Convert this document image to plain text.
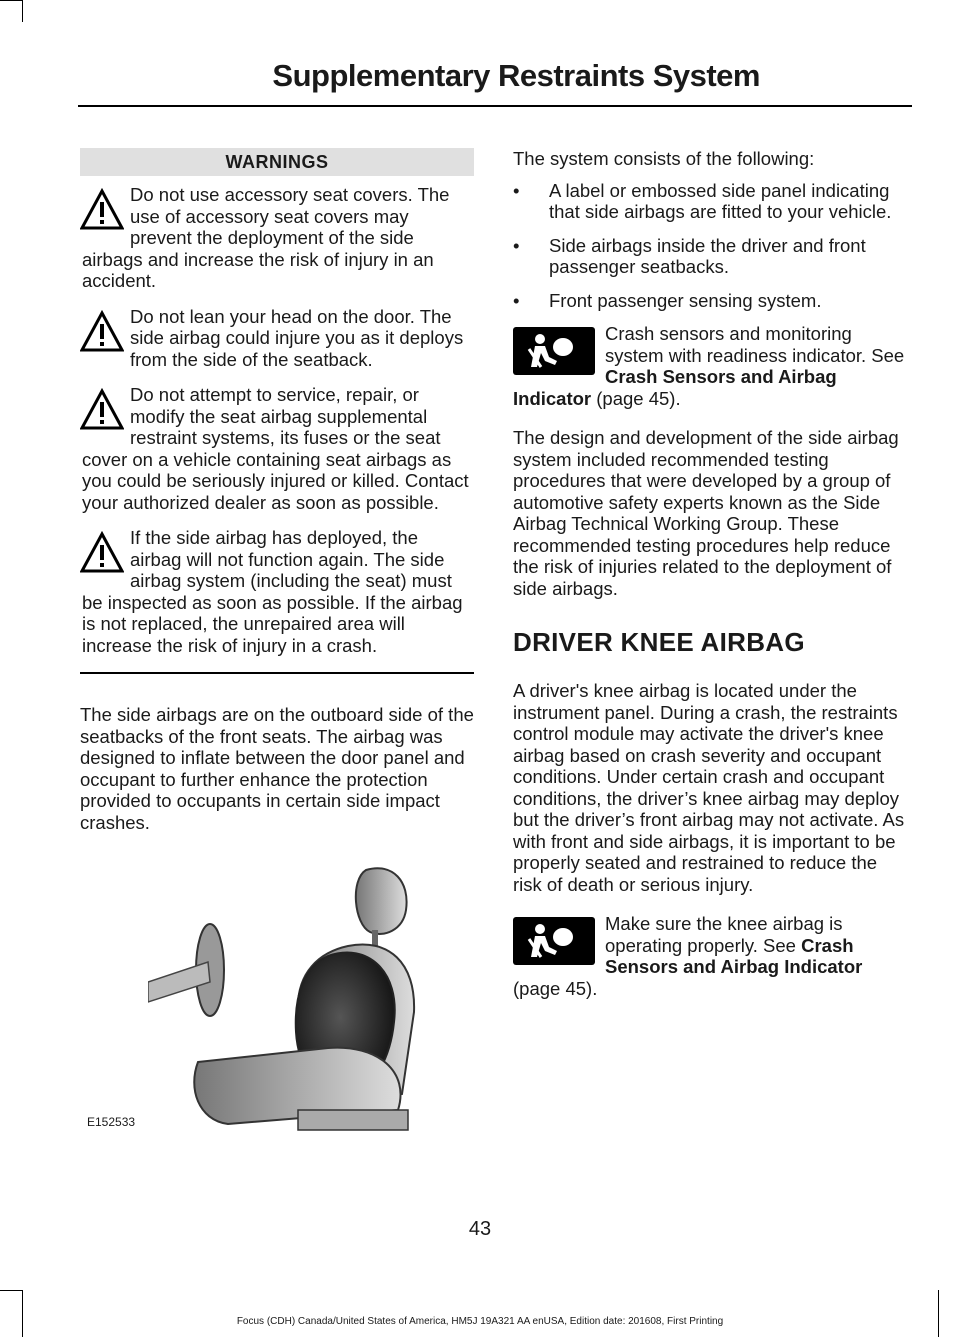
Supplementary Restraints System
WARNINGS

Do not use accessory seat covers. The use of accessory seat covers may prevent the deployment of the side airbags and increase the risk of injury in an accident.

Do not lean your head on the door. The side airbag could injure you as it deploys from the side of the seatback.

Do not attempt to service, repair, or modify the seat airbag supplemental restraint systems, its fuses or the seat cover on a vehicle containing seat airbags as you could be seriously injured or killed. Contact your authorized dealer as soon as possible.

If the side airbag has deployed, the airbag will not function again. The side airbag system (including the seat) must be inspected as soon as possible. If the airbag is not replaced, the unrepaired area will increase the risk of injury in a crash.

The side airbags are on the outboard side of the seatbacks of the front seats. The airbag was designed to inflate between the door panel and occupant to further enhance the protection provided to occupants in certain side impact crashes.

E152533

The system consists of the following:

• A label or embossed side panel indicating that side airbags are fitted to your vehicle.
• Side airbags inside the driver and front passenger seatbacks.
• Front passenger sensing system.
Crash sensors and monitoring system with readiness indicator. See Crash Sensors and Airbag Indicator (page 45).

The design and development of the side airbag system included recommended testing procedures that were developed by a group of automotive safety experts known as the Side Airbag Technical Working Group. These recommended testing procedures help reduce the risk of injuries related to the deployment of side airbags.

DRIVER KNEE AIRBAG

A driver's knee airbag is located under the instrument panel. During a crash, the restraints control module may activate the driver's knee airbag based on crash severity and occupant conditions. Under certain crash and occupant conditions, the driver’s knee airbag may deploy but the driver’s front airbag may not activate. As with front and side airbags, it is important to be properly seated and restrained to reduce the risk of death or serious injury.

Make sure the knee airbag is operating properly. See Crash Sensors and Airbag Indicator (page 45).
43
Focus (CDH) Canada/United States of America, HM5J 19A321 AA enUSA, Edition date: 201608, First Printing
